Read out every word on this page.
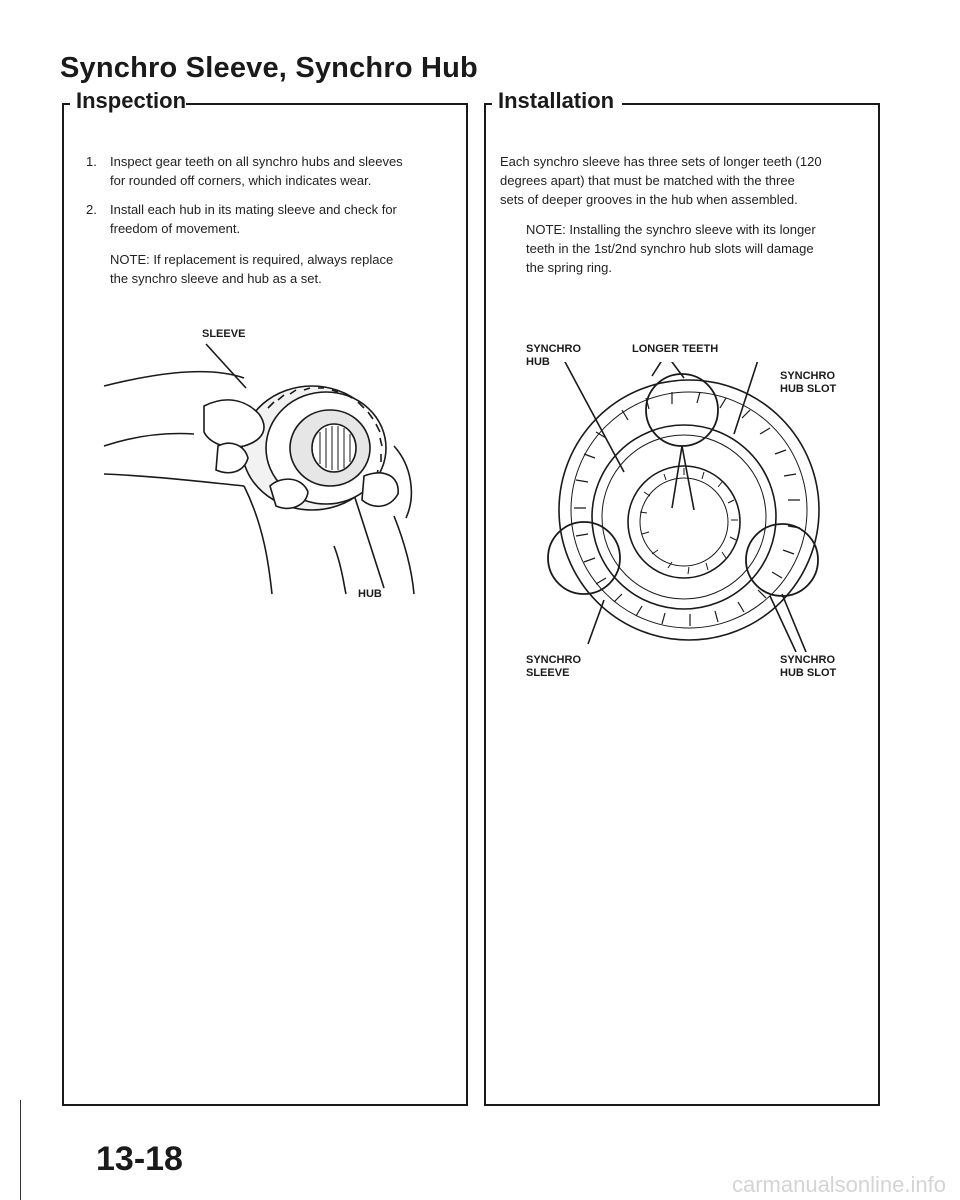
Synchro Sleeve, Synchro Hub
Inspection
1. Inspect gear teeth on all synchro hubs and sleeves
for rounded off corners, which indicates wear.
2. Install each hub in its mating sleeve and check for
freedom of movement.
NOTE: If replacement is required, always replace
the synchro sleeve and hub as a set.
SLEEVE
HUB
Installation
Each synchro sleeve has three sets of longer teeth (120
degrees apart) that must be matched with the three
sets of deeper grooves in the hub when assembled.
NOTE: Installing the synchro sleeve with its longer
teeth in the 1st/2nd synchro hub slots will damage
the spring ring.
SYNCHRO
HUB
LONGER TEETH
SYNCHRO
HUB SLOT
SYNCHRO
SLEEVE
SYNCHRO
HUB SLOT
13-18
carmanualsonline.info
